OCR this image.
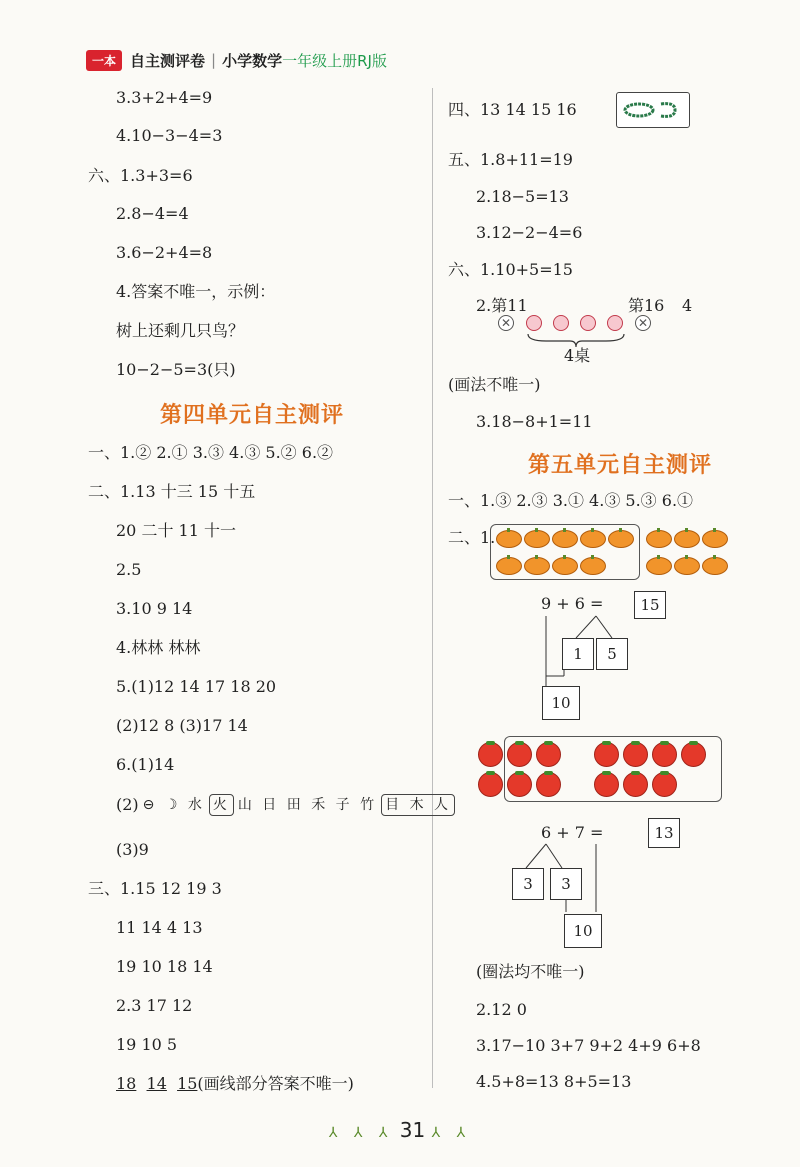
一本 自主测评卷 | 小学数学 一年级上册RJ版
3.3+2+4=9
4.10−3−4=3
六、1.3+3=6
2.8−4=4
3.6−2+4=8
4.答案不唯一，示例：
树上还剩几只鸟？
10−2−5=3(只)
第四单元自主测评
一、1.② 2.① 3.③ 4.③ 5.② 6.②
二、1.13 十三 15 十五
20 二十 11 十一
2.5
3.10 9 14
4.林林 林林
5.(1)12 14 17 18 20
(2)12 8 (3)17 14
6.(1)14
(2) ⊖ ☽ 水 火 山 日 田 禾 子 竹 目 木 人
(3)9
三、1.15 12 19 3
11 14 4 13
19 10 18 14
2.3 17 12
19 10 5
18 14 15(画线部分答案不唯一)
四、13 14 15 16
五、1.8+11=19
2.18−5=13
3.12−2−4=6
六、1.10+5=15
2.第11	第16 4
✕	✕
4桌
(画法不唯一)
3.18−8+1=11
第五单元自主测评
一、1.③ 2.③ 3.① 4.③ 5.③ 6.①
二、1.
9 + 6 =	15
1	5
10
6 + 7 =	13
3	3
10
(圈法均不唯一)
2.12 0
3.17−10 3+7 9+2 4+9 6+8
4.5+8=13 8+5=13
⅄ ⅄ ⅄ 31 ⅄ ⅄
